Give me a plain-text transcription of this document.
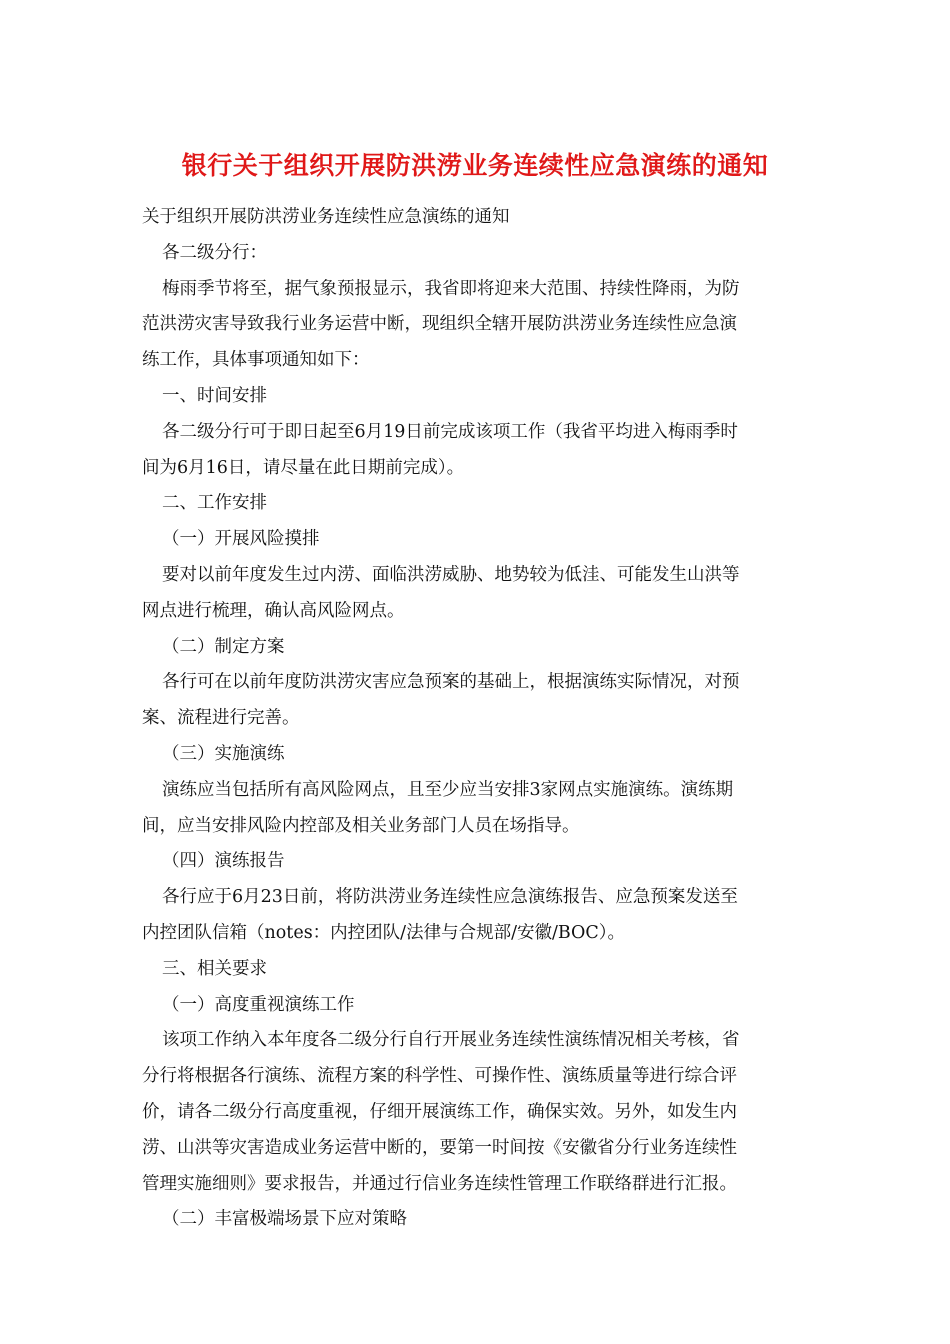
银行关于组织开展防洪涝业务连续性应急演练的通知
关于组织开展防洪涝业务连续性应急演练的通知
各二级分行：
梅雨季节将至，据气象预报显示，我省即将迎来大范围、持续性降雨，为防
范洪涝灾害导致我行业务运营中断，现组织全辖开展防洪涝业务连续性应急演
练工作，具体事项通知如下：
一、时间安排
各二级分行可于即日起至6月19日前完成该项工作（我省平均进入梅雨季时
间为6月16日，请尽量在此日期前完成）。
二、工作安排
（一）开展风险摸排
要对以前年度发生过内涝、面临洪涝威胁、地势较为低洼、可能发生山洪等
网点进行梳理，确认高风险网点。
（二）制定方案
各行可在以前年度防洪涝灾害应急预案的基础上，根据演练实际情况，对预
案、流程进行完善。
（三）实施演练
演练应当包括所有高风险网点，且至少应当安排3家网点实施演练。演练期
间，应当安排风险内控部及相关业务部门人员在场指导。
（四）演练报告
各行应于6月23日前，将防洪涝业务连续性应急演练报告、应急预案发送至
内控团队信箱（notes：内控团队/法律与合规部/安徽/BOC）。
三、相关要求
（一）高度重视演练工作
该项工作纳入本年度各二级分行自行开展业务连续性演练情况相关考核，省
分行将根据各行演练、流程方案的科学性、可操作性、演练质量等进行综合评
价，请各二级分行高度重视，仔细开展演练工作，确保实效。另外，如发生内
涝、山洪等灾害造成业务运营中断的，要第一时间按《安徽省分行业务连续性
管理实施细则》要求报告，并通过行信业务连续性管理工作联络群进行汇报。
（二）丰富极端场景下应对策略
